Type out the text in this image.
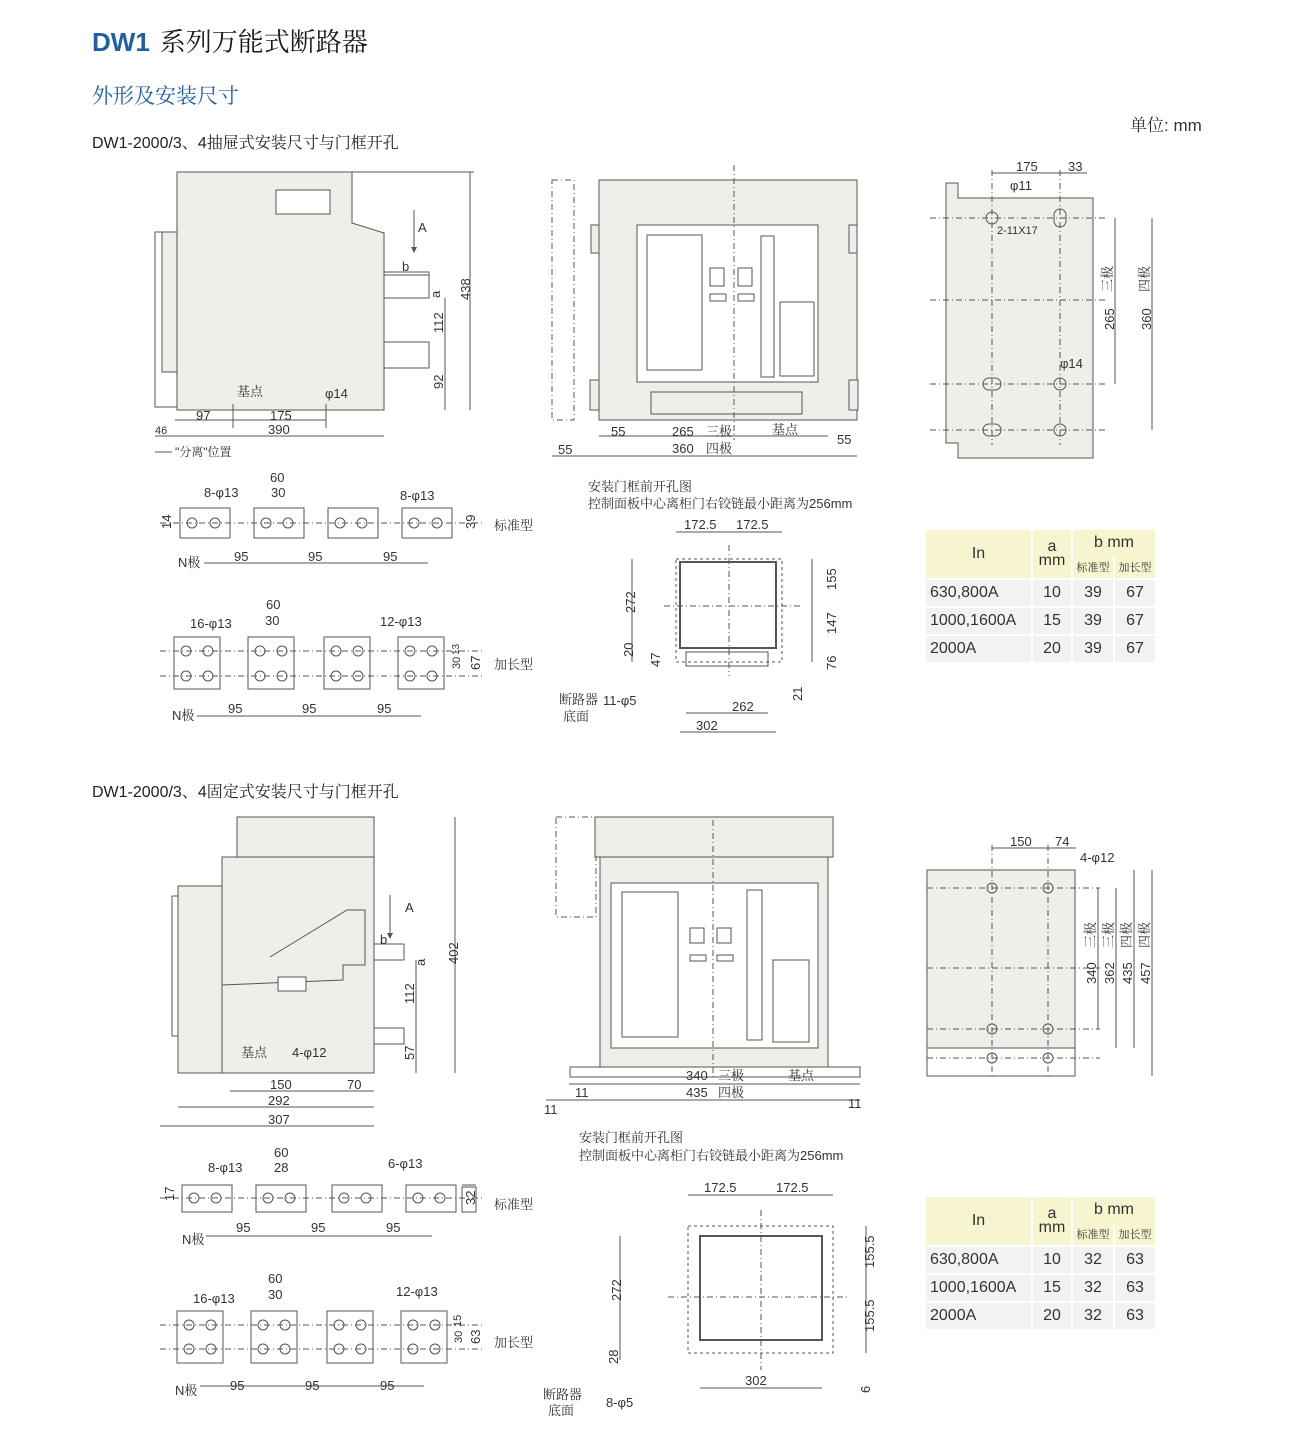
DW1 系列万能式断路器
外形及安装尺寸
单位: mm
DW1-2000/3、4抽屉式安装尺寸与门框开孔
DW1-2000/3、4固定式安装尺寸与门框开孔
A
b
a 438
112
92
基点	φ14
97	175
46	390
"分离"位置
55	265 三极	基点
55
55
360 四极
175 33
φ11
2-11X17
φ14
265
三极
360
四极
8-φ13
60
30	8-φ13
14	39 标准型
N极	95	95	95
16-φ13
60
30	12-φ13
13
30 67 加长型
N极	95	95	95
安装门框前开孔图
控制面板中心离柜门右铰链最小距离为256mm
172.5 172.5
272
20
47
155
147
76
21
断路器
底面
11-φ5	262
302
A
b
a 402
112
57
基点 4-φ12
150	70
292
307
340 三极	基点
11	435 四极
11
11
11
150 74
4-φ12
340
三极
362
三极
435
四极
457
四极
8-φ13
60
28	6-φ13
17	32 标准型
N极
95	95	95
16-φ13
60
30	12-φ13
15
30 63 加长型
N极	95	95	95
安装门框前开孔图
控制面板中心离柜门右铰链最小距离为256mm
172.5	172.5
272
28
155.5
155.5
6
断路器
底面
8-φ5
302
In	a
mm	b mm	
		标准型	加长型
630,800A	10	39	67
1000,1600A	15	39	67
2000A	20	39	67
In	a
mm	b mm	
		标准型	加长型
630,800A	10	32	63
1000,1600A	15	32	63
2000A	20	32	63
